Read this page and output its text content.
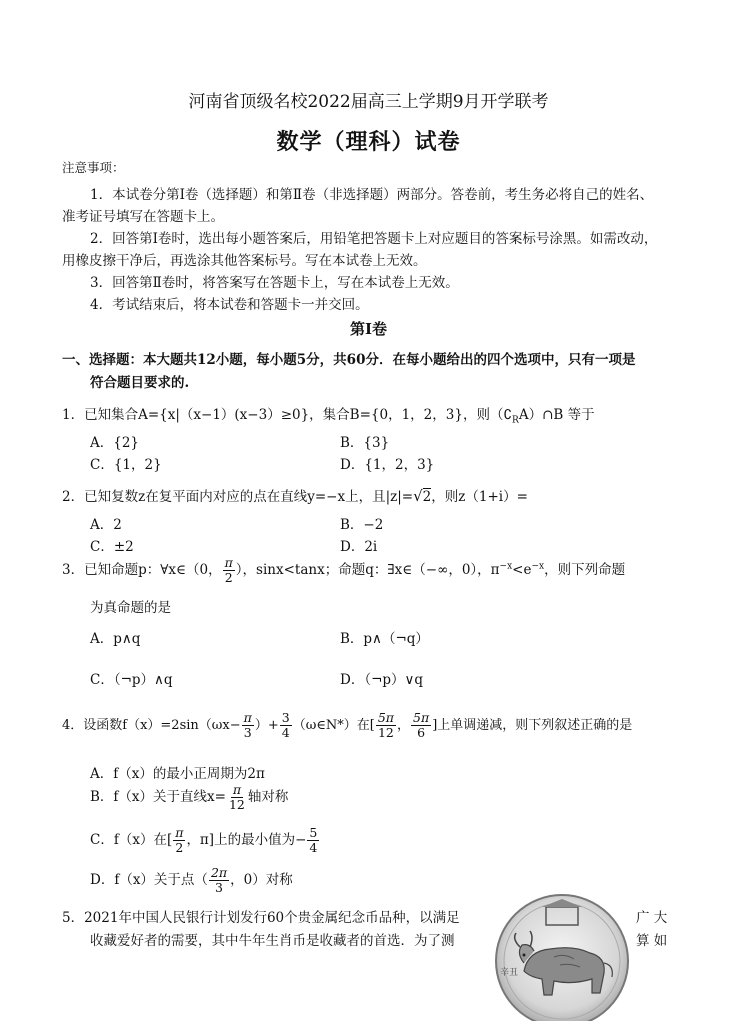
河南省顶级名校2022届高三上学期9月开学联考
数学（理科）试卷
注意事项：
1．本试卷分第Ⅰ卷（选择题）和第Ⅱ卷（非选择题）两部分。答卷前，考生务必将自己的姓名、
准考证号填写在答题卡上。
2．回答第Ⅰ卷时，选出每小题答案后，用铅笔把答题卡上对应题目的答案标号涂黑。如需改动，
用橡皮擦干净后，再选涂其他答案标号。写在本试卷上无效。
3．回答第Ⅱ卷时，将答案写在答题卡上，写在本试卷上无效。
4．考试结束后，将本试卷和答题卡一并交回。
第Ⅰ卷
一、选择题：本大题共12小题，每小题5分，共60分．在每小题给出的四个选项中，只有一项是
符合题目要求的.
1．已知集合A={x|（x−1）(x−3）≥0}，集合B={0，1，2，3}，则$(∁_RA)\cap B$ 等于
A．{2}	B．{3}
C．{1，2}	D．{1，2，3}
2．已知复数z在复平面内对应的点在直线y=−x上，且|z|=√2，则z（1+i）=
A．2	B．−2
C．±2	D．2i
3．已知命题p：∀x∈（0， $\frac{\pi}{2}$ ），sinx<tanx；命题q：∃x∈（−∞，0），$\pi^{-x}<e^{-x}$，则下列命题
为真命题的是
A．p∧q	B．p∧（¬q）
C．（¬p）∧q	D．（¬p）∨q
4．设函数$f(x)=2\sin(\omega x- \frac{\pi}{3}$ ）+ $\frac{3}{4}$ （ω∈N*）在[ $\frac{5\pi}{12}$ ， $\frac{5\pi}{6}$ ]上单调递减，则下列叙述正确的是
A．f（x）的最小正周期为2π
B．f（x）关于直线$x= \frac{\pi}{12}$ 轴对称
C．f（x）在[ $\frac{\pi}{2}$ ，π]上的最小值为− $\frac{5}{4}$
D．f（x）关于点（ $\frac{2\pi}{3}$ ，0）对称
5．2021年中国人民银行计划发行60个贵金属纪念币品种，以满足	广 大
收藏爱好者的需要，其中牛年生肖币是收藏者的首选．为了测	算 如
辛丑
